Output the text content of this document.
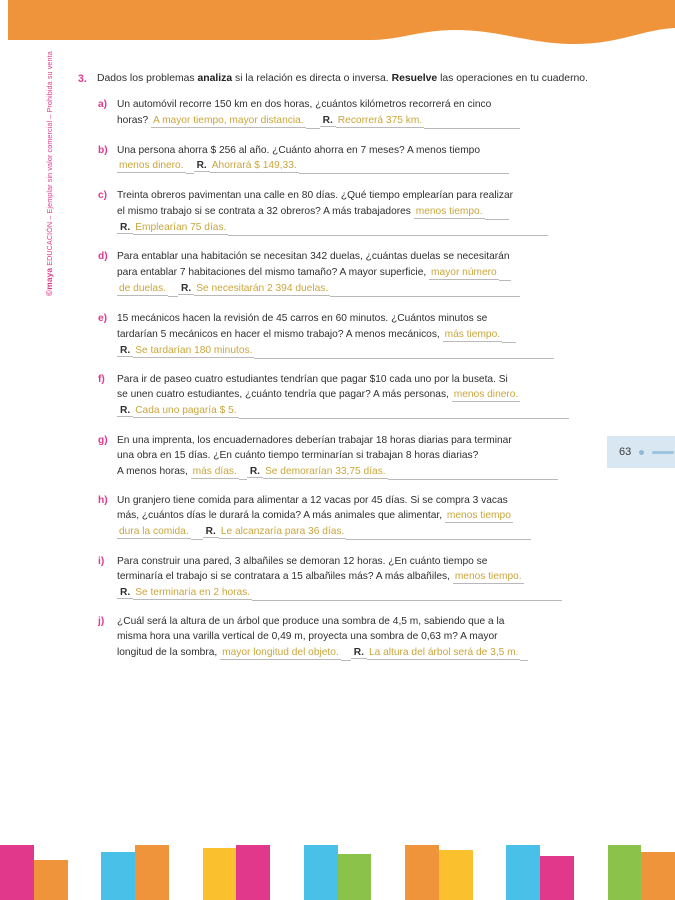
©maya EDUCACIÓN – Ejemplar sin valor comercial – Prohibida su venta
63
3. Dados los problemas analiza si la relación es directa o inversa. Resuelve las operaciones en tu cuaderno.
a) Un automóvil recorre 150 km en dos horas, ¿cuántos kilómetros recorrerá en cinco
horas? A mayor tiempo, mayor distancia. R. Recorrerá 375 km.
b) Una persona ahorra $ 256 al año. ¿Cuánto ahorra en 7 meses? A menos tiempo
menos dinero. R. Ahorrará $ 149,33.
c) Treinta obreros pavimentan una calle en 80 días. ¿Qué tiempo emplearían para realizar
el mismo trabajo si se contrata a 32 obreros? A más trabajadores menos tiempo.
R. Emplearían 75 días.
d) Para entablar una habitación se necesitan 342 duelas, ¿cuántas duelas se necesitarán
para entablar 7 habitaciones del mismo tamaño? A mayor superficie, mayor número
de duelas. R. Se necesitarán 2 394 duelas.
e) 15 mecánicos hacen la revisión de 45 carros en 60 minutos. ¿Cuántos minutos se
tardarían 5 mecánicos en hacer el mismo trabajo? A menos mecánicos, más tiempo.
R. Se tardarían 180 minutos.
f)	Para ir de paseo cuatro estudiantes tendrían que pagar $10 cada uno por la buseta. Si
se unen cuatro estudiantes, ¿cuánto tendría que pagar? A más personas, menos dinero.
R. Cada uno pagaría $ 5.
g) En una imprenta, los encuadernadores deberían trabajar 18 horas diarias para terminar
una obra en 15 días. ¿En cuánto tiempo terminarían si trabajan 8 horas diarias?
A menos horas, más días. R. Se demorarían 33,75 días.
h) Un granjero tiene comida para alimentar a 12 vacas por 45 días. Si se compra 3 vacas
más, ¿cuántos días le durará la comida? A más animales que alimentar, menos tiempo
dura la comida. R. Le alcanzaría para 36 días.
i)	Para construir una pared, 3 albañiles se demoran 12 horas. ¿En cuánto tiempo se
terminaría el trabajo si se contratara a 15 albañiles más? A más albañiles, menos tiempo.
R. Se terminaría en 2 horas.
j)	¿Cuál será la altura de un árbol que produce una sombra de 4,5 m, sabiendo que a la
misma hora una varilla vertical de 0,49 m, proyecta una sombra de 0,63 m? A mayor
longitud de la sombra, mayor longitud del objeto. R. La altura del árbol será de 3,5 m.
